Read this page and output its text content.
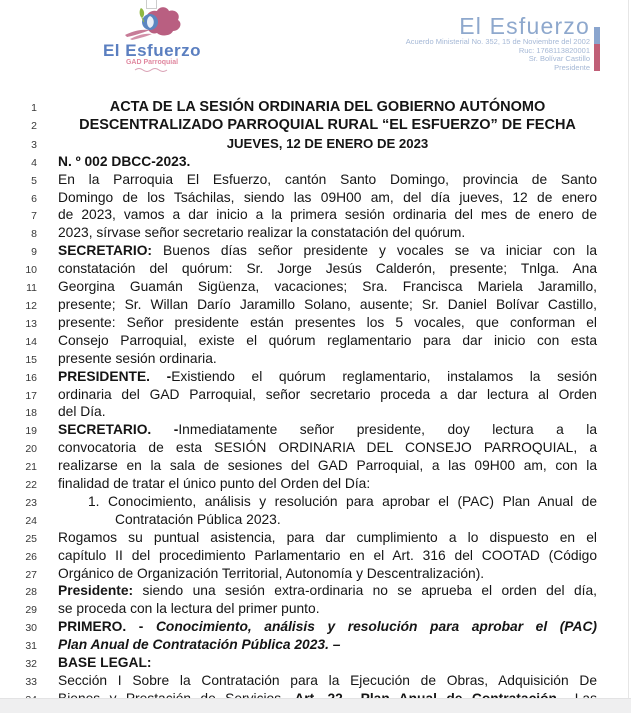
El Esfuerzo
GAD Parroquial
El Esfuerzo
Acuerdo Ministerial No. 352, 15 de Noviembre del 2002
Ruc: 1768113820001
Sr. Bolívar Castillo
Presidente
1	ACTA DE LA SESIÓN ORDINARIA DEL GOBIERNO AUTÓNOMO
2	DESCENTRALIZADO PARROQUIAL RURAL “EL ESFUERZO” DE FECHA
3	JUEVES, 12 DE ENERO DE 2023
4 N. º 002 DBCC-2023.
5 En la Parroquia El Esfuerzo, cantón Santo Domingo, provincia de Santo
6 Domingo de los Tsáchilas, siendo las 09H00 am, del día jueves, 12 de enero
7 de 2023, vamos a dar inicio a la primera sesión ordinaria del mes de enero de
8 2023, sírvase señor secretario realizar la constatación del quórum.
9 SECRETARIO: Buenos días señor presidente y vocales se va iniciar con la
10 constatación del quórum: Sr. Jorge Jesús Calderón, presente; Tnlga. Ana
11 Georgina Guamán Sigüenza, vacaciones; Sra. Francisca Mariela Jaramillo,
12 presente; Sr. Willan Darío Jaramillo Solano, ausente; Sr. Daniel Bolívar Castillo,
13 presente: Señor presidente están presentes los 5 vocales, que conforman el
14 Consejo Parroquial, existe el quórum reglamentario para dar inicio con esta
15 presente sesión ordinaria.
16 PRESIDENTE. -Existiendo el quórum reglamentario, instalamos la sesión
17 ordinaria del GAD Parroquial, señor secretario proceda a dar lectura al Orden
18 del Día.
19 SECRETARIO. -Inmediatamente señor presidente, doy lectura a la
20 convocatoria de esta SESIÓN ORDINARIA DEL CONSEJO PARROQUIAL, a
21 realizarse en la sala de sesiones del GAD Parroquial, a las 09H00 am, con la
22 finalidad de tratar el único punto del Orden del Día:
23	1. Conocimiento, análisis y resolución para aprobar el (PAC) Plan Anual de
24	Contratación Pública 2023.
25 Rogamos su puntual asistencia, para dar cumplimiento a lo dispuesto en el
26 capítulo II del procedimiento Parlamentario en el Art. 316 del COOTAD (Código
27 Orgánico de Organización Territorial, Autonomía y Descentralización).
28 Presidente: siendo una sesión extra-ordinaria no se aprueba el orden del día,
29 se proceda con la lectura del primer punto.
30 PRIMERO. - Conocimiento, análisis y resolución para aprobar el (PAC)
31 Plan Anual de Contratación Pública 2023. –
32 BASE LEGAL:
33 Sección I Sobre la Contratación para la Ejecución de Obras, Adquisición De
